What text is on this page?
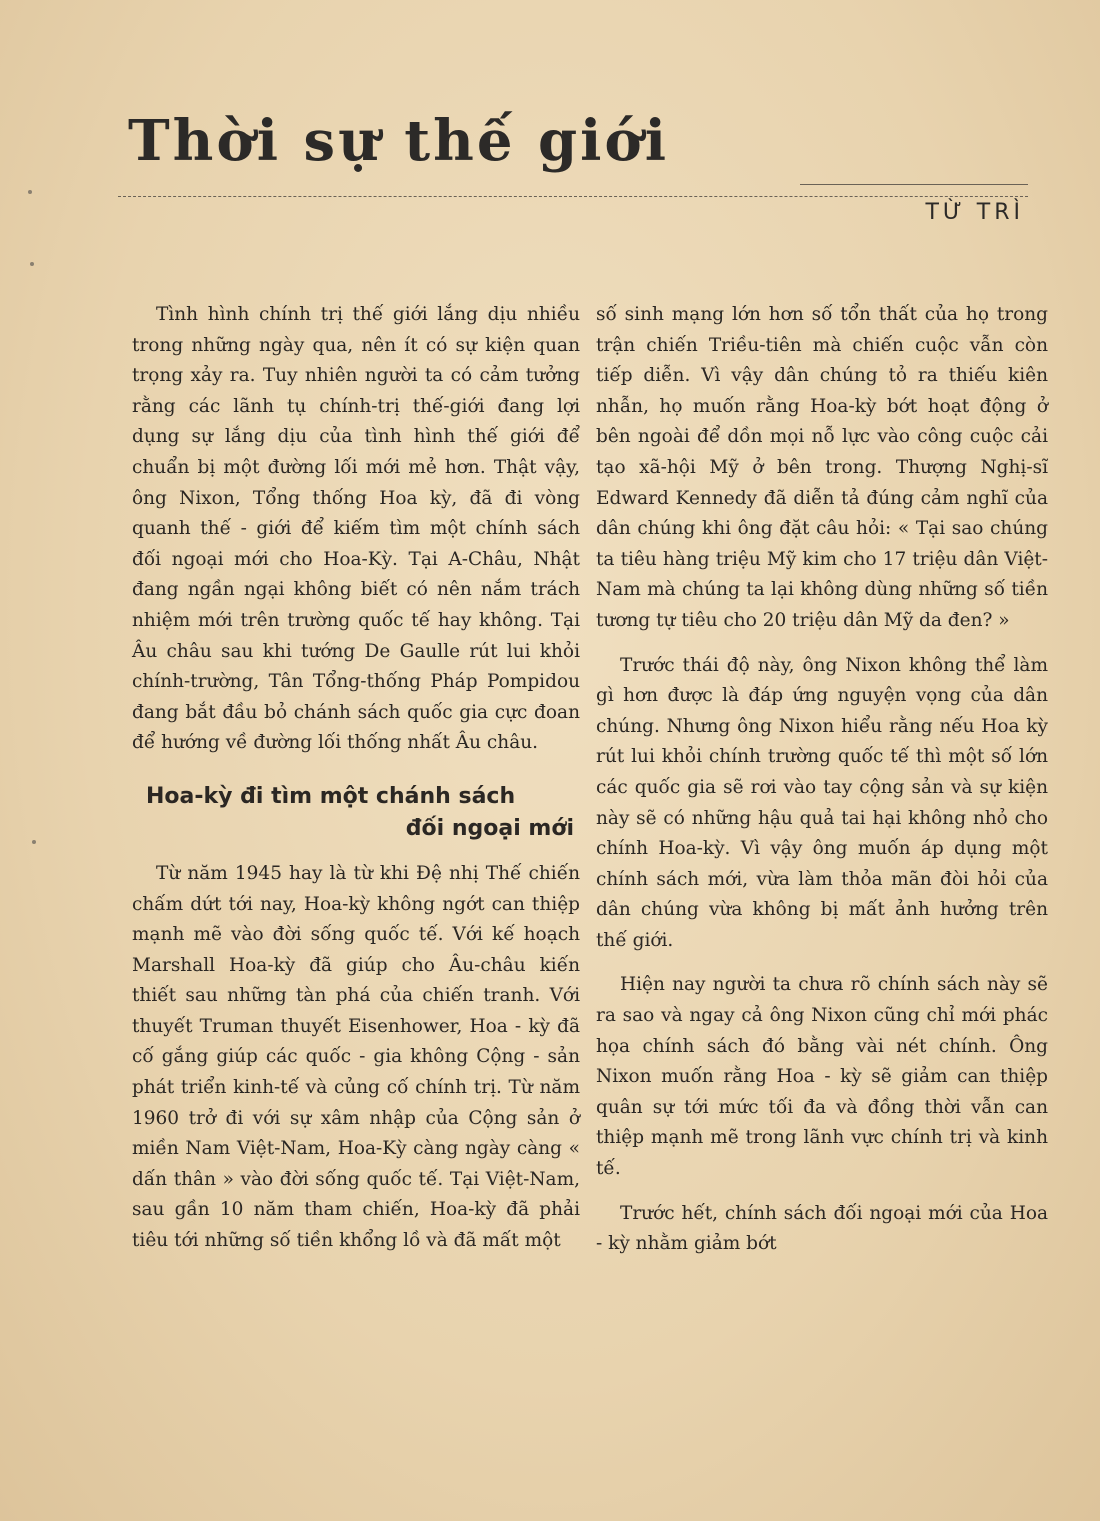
Thời sự thế giới
TỪ TRÌ

Tình hình chính trị thế giới lắng dịu nhiều trong những ngày qua, nên ít có sự kiện quan trọng xảy ra. Tuy nhiên người ta có cảm tưởng rằng các lãnh tụ chính-trị thế-giới đang lợi dụng sự lắng dịu của tình hình thế giới để chuẩn bị một đường lối mới mẻ hơn. Thật vậy, ông Nixon, Tổng thống Hoa kỳ, đã đi vòng quanh thế - giới để kiếm tìm một chính sách đối ngoại mới cho Hoa-Kỳ. Tại A-Châu, Nhật đang ngần ngại không biết có nên nắm trách nhiệm mới trên trường quốc tế hay không. Tại Âu châu sau khi tướng De Gaulle rút lui khỏi chính-trường, Tân Tổng-thống Pháp Pompidou đang bắt đầu bỏ chánh sách quốc gia cực đoan để hướng về đường lối thống nhất Âu châu.

Hoa-kỳ đi tìm một chánh sách
đối ngoại mới

Từ năm 1945 hay là từ khi Đệ nhị Thế chiến chấm dứt tới nay, Hoa-kỳ không ngớt can thiệp mạnh mẽ vào đời sống quốc tế. Với kế hoạch Marshall Hoa-kỳ đã giúp cho Âu-châu kiến thiết sau những tàn phá của chiến tranh. Với thuyết Truman thuyết Eisenhower, Hoa - kỳ đã cố gắng giúp các quốc - gia không Cộng - sản phát triển kinh-tế và củng cố chính trị. Từ năm 1960 trở đi với sự xâm nhập của Cộng sản ở miền Nam Việt-Nam, Hoa-Kỳ càng ngày càng « dấn thân » vào đời sống quốc tế. Tại Việt-Nam, sau gần 10 năm tham chiến, Hoa-kỳ đã phải tiêu tới những số tiền khổng lồ và đã mất một

số sinh mạng lớn hơn số tổn thất của họ trong trận chiến Triều-tiên mà chiến cuộc vẫn còn tiếp diễn. Vì vậy dân chúng tỏ ra thiếu kiên nhẫn, họ muốn rằng Hoa-kỳ bớt hoạt động ở bên ngoài để dồn mọi nỗ lực vào công cuộc cải tạo xã-hội Mỹ ở bên trong. Thượng Nghị-sĩ Edward Kennedy đã diễn tả đúng cảm nghĩ của dân chúng khi ông đặt câu hỏi: « Tại sao chúng ta tiêu hàng triệu Mỹ kim cho 17 triệu dân Việt-Nam mà chúng ta lại không dùng những số tiền tương tự tiêu cho 20 triệu dân Mỹ da đen? »

Trước thái độ này, ông Nixon không thể làm gì hơn được là đáp ứng nguyện vọng của dân chúng. Nhưng ông Nixon hiểu rằng nếu Hoa kỳ rút lui khỏi chính trường quốc tế thì một số lớn các quốc gia sẽ rơi vào tay cộng sản và sự kiện này sẽ có những hậu quả tai hại không nhỏ cho chính Hoa-kỳ. Vì vậy ông muốn áp dụng một chính sách mới, vừa làm thỏa mãn đòi hỏi của dân chúng vừa không bị mất ảnh hưởng trên thế giới.

Hiện nay người ta chưa rõ chính sách này sẽ ra sao và ngay cả ông Nixon cũng chỉ mới phác họa chính sách đó bằng vài nét chính. Ông Nixon muốn rằng Hoa - kỳ sẽ giảm can thiệp quân sự tới mức tối đa và đồng thời vẫn can thiệp mạnh mẽ trong lãnh vực chính trị và kinh tế.

Trước hết, chính sách đối ngoại mới của Hoa - kỳ nhằm giảm bớt
